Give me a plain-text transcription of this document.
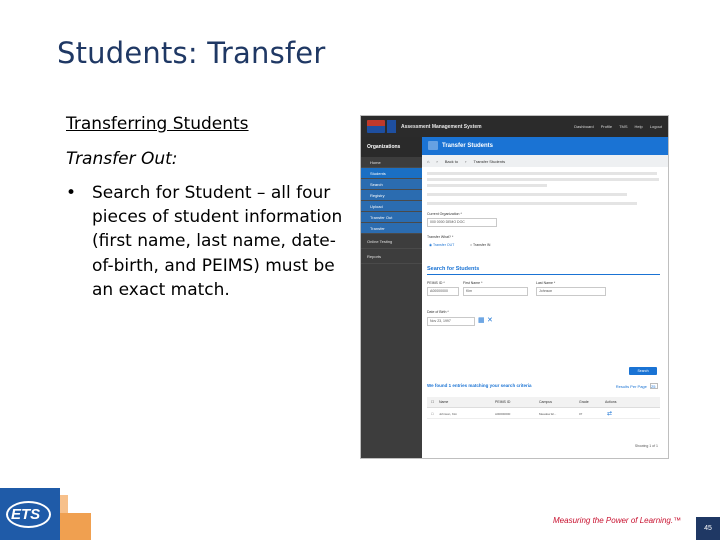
Students: Transfer
Transferring Students
Transfer Out:
• Search for Student – all four pieces of student information (first name, last name, date-of-birth, and PEIMS) must be an exact match.
Assessment Management System	Dashboard Profile TMS Help Logout
Organizations
Home
Students
Search
Registry
Upload
Transfer Out
Transfer
Online Testing
Reports
Transfer Students
⌂ › Back to › Transfer Students
Current Organization *
000 0000 DEMO DOC
Transfer What? *
◉ Transfer OUT	○ Transfer IN
Search for Students
PEIMS ID *
A00000000
First Name *
Kim
Last Name *
Johnson
Date of Birth *
Nov 23, 1997	▦ ✕
Search
We found 1 entries matching your search criteria	Results Per Page 25
☐ Name	PEIMS ID	Campus	Grade	Actions
☐ Johnson, Kim	A00000000	Meadow El...	07	⇄
Showing 1 of 1
ETS	Measuring the Power of Learning.™
45
